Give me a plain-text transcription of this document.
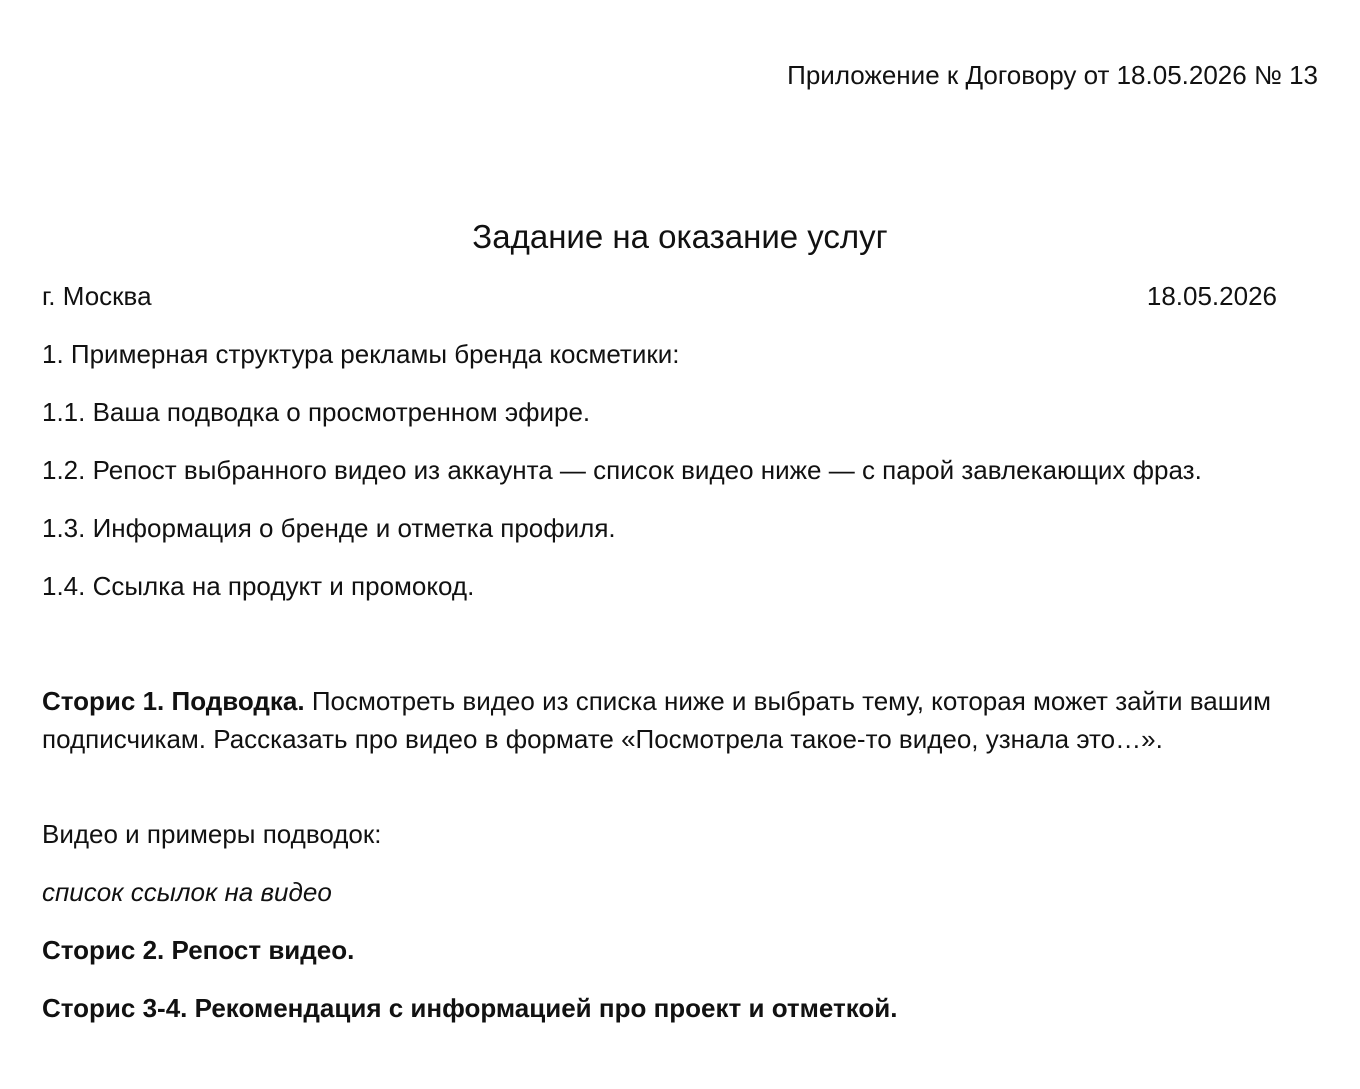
Приложение к Договору от 18.05.2026 № 13
Задание на оказание услуг
г. Москва	18.05.2026
1. Примерная структура рекламы бренда косметики:
1.1. Ваша подводка о просмотренном эфире.
1.2. Репост выбранного видео из аккаунта — список видео ниже — с парой завлекающих фраз.
1.3. Информация о бренде и отметка профиля.
1.4. Ссылка на продукт и промокод.
Сторис 1. Подводка. Посмотреть видео из списка ниже и выбрать тему, которая может зайти вашим подписчикам. Рассказать про видео в формате «Посмотрела такое-то видео, узнала это…».
Видео и примеры подводок:
список ссылок на видео
Сторис 2. Репост видео.
Сторис 3-4. Рекомендация с информацией про проект и отметкой.
